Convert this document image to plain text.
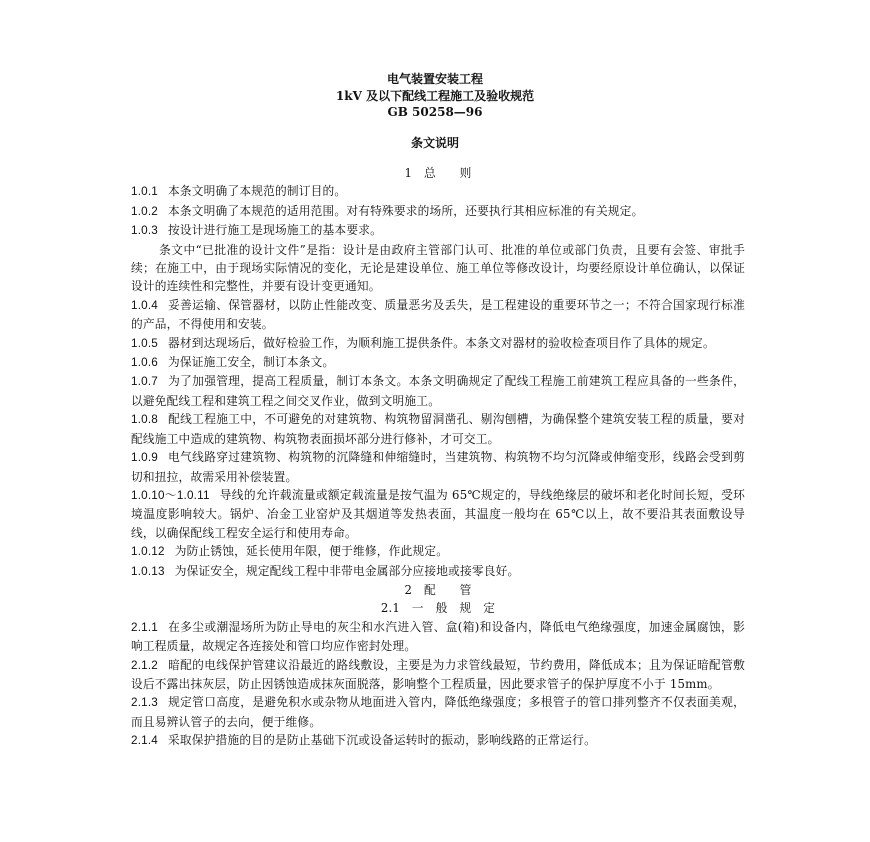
电气装置安装工程
1kV 及以下配线工程施工及验收规范
GB 50258—96
条文说明

1　总　　则

1.0.1 本条文明确了本规范的制订目的。

1.0.2 本条文明确了本规范的适用范围。对有特殊要求的场所，还要执行其相应标准的有关规定。

1.0.3 按设计进行施工是现场施工的基本要求。

条文中“已批准的设计文件”是指：设计是由政府主管部门认可、批准的单位或部门负责，且要有会签、审批手续；在施工中，由于现场实际情况的变化，无论是建设单位、施工单位等修改设计，均要经原设计单位确认，以保证设计的连续性和完整性，并要有设计变更通知。

1.0.4 妥善运输、保管器材，以防止性能改变、质量恶劣及丢失，是工程建设的重要环节之一；不符合国家现行标准的产品，不得使用和安装。

1.0.5 器材到达现场后，做好检验工作，为顺利施工提供条件。本条文对器材的验收检查项目作了具体的规定。

1.0.6 为保证施工安全，制订本条文。

1.0.7 为了加强管理，提高工程质量，制订本条文。本条文明确规定了配线工程施工前建筑工程应具备的一些条件，以避免配线工程和建筑工程之间交叉作业，做到文明施工。

1.0.8 配线工程施工中，不可避免的对建筑物、构筑物留洞凿孔、剔沟刨槽，为确保整个建筑安装工程的质量，要对配线施工中造成的建筑物、构筑物表面损坏部分进行修补，才可交工。

1.0.9 电气线路穿过建筑物、构筑物的沉降缝和伸缩缝时，当建筑物、构筑物不均匀沉降或伸缩变形，线路会受到剪切和扭拉，故需采用补偿装置。

1.0.10～1.0.11 导线的允许载流量或额定载流量是按气温为 65℃规定的，导线绝缘层的破坏和老化时间长短，受环境温度影响较大。锅炉、冶金工业窑炉及其烟道等发热表面，其温度一般均在 65℃以上，故不要沿其表面敷设导线，以确保配线工程安全运行和使用寿命。

1.0.12 为防止锈蚀，延长使用年限，便于维修，作此规定。

1.0.13 为保证安全，规定配线工程中非带电金属部分应接地或接零良好。

2　配　　管

2.1　一　般　规　定

2.1.1 在多尘或潮湿场所为防止导电的灰尘和水汽进入管、盒(箱)和设备内，降低电气绝缘强度，加速金属腐蚀，影响工程质量，故规定各连接处和管口均应作密封处理。

2.1.2 暗配的电线保护管建议沿最近的路线敷设，主要是为力求管线最短，节约费用，降低成本；且为保证暗配管敷设后不露出抹灰层，防止因锈蚀造成抹灰面脱落，影响整个工程质量，因此要求管子的保护厚度不小于 15mm。

2.1.3 规定管口高度，是避免积水或杂物从地面进入管内，降低绝缘强度；多根管子的管口排列整齐不仅表面美观，而且易辨认管子的去向，便于维修。

2.1.4 采取保护措施的目的是防止基础下沉或设备运转时的振动，影响线路的正常运行。
